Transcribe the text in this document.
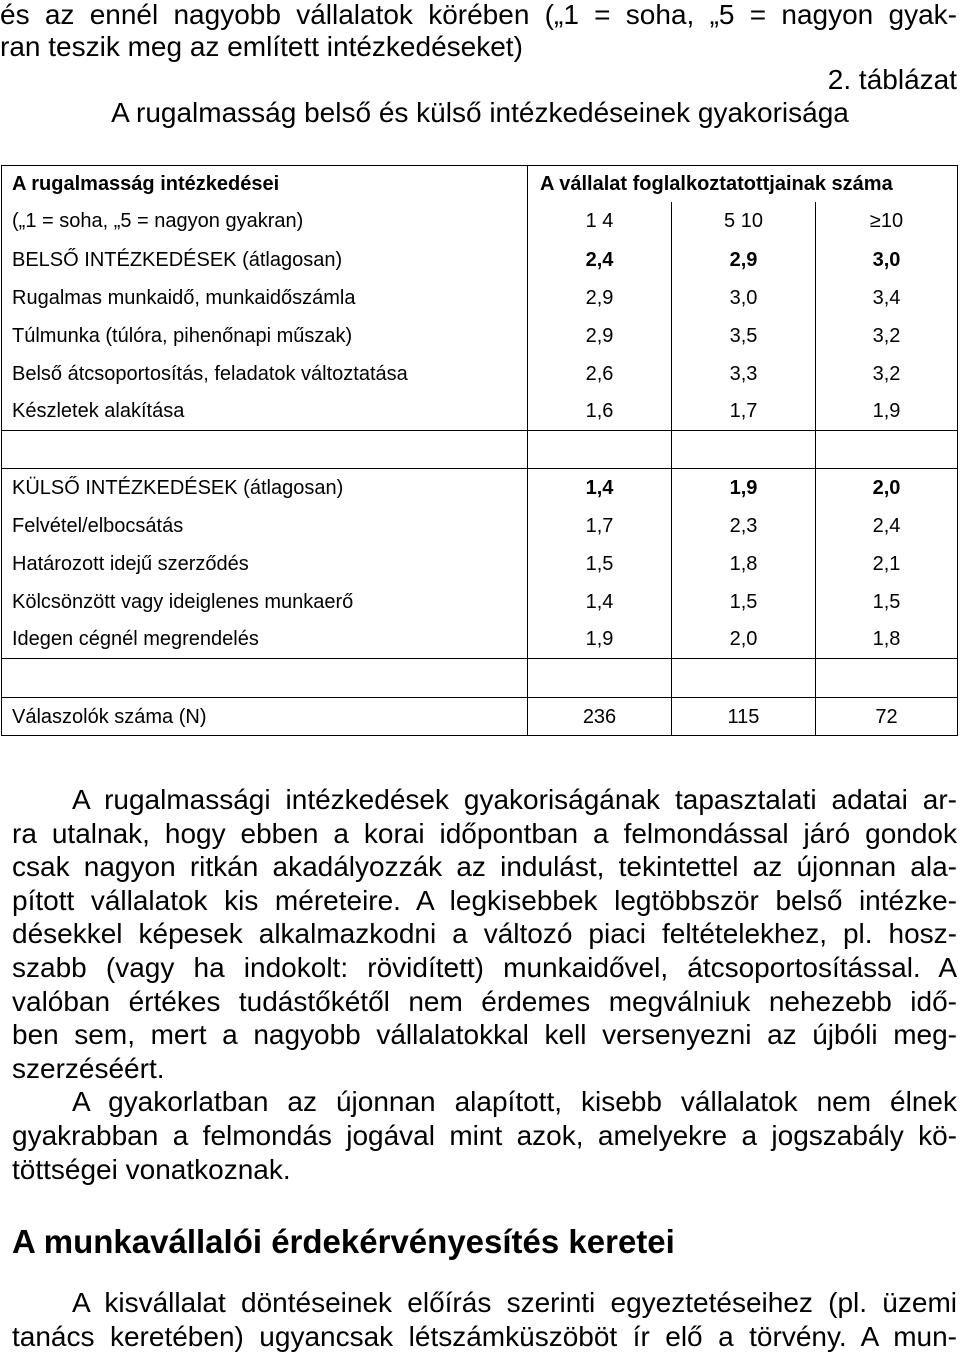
és az ennél nagyobb vállalatok körében („1 = soha, „5 = nagyon gyak-
ran teszik meg az említett intézkedéseket)
2. táblázat
A rugalmasság belső és külső intézkedéseinek gyakorisága
A rugalmasság intézkedései	A vállalat foglalkoztatottjainak száma		
(„1 = soha, „5 = nagyon gyakran)	1 4	5 10	≥10
BELSŐ INTÉZKEDÉSEK (átlagosan)	2,4	2,9	3,0
Rugalmas munkaidő, munkaidőszámla	2,9	3,0	3,4
Túlmunka (túlóra, pihenőnapi műszak)	2,9	3,5	3,2
Belső átcsoportosítás, feladatok változtatása	2,6	3,3	3,2
Készletek alakítása	1,6	1,7	1,9

KÜLSŐ INTÉZKEDÉSEK (átlagosan)	1,4	1,9	2,0
Felvétel/elbocsátás	1,7	2,3	2,4
Határozott idejű szerződés	1,5	1,8	2,1
Kölcsönzött vagy ideiglenes munkaerő	1,4	1,5	1,5
Idegen cégnél megrendelés	1,9	2,0	1,8

Válaszolók száma (N)	236	115	72
A rugalmassági intézkedések gyakoriságának tapasztalati adatai ar-
ra utalnak, hogy ebben a korai időpontban a felmondással járó gondok
csak nagyon ritkán akadályozzák az indulást, tekintettel az újonnan ala-
pított vállalatok kis méreteire. A legkisebbek legtöbbször belső intézke-
désekkel képesek alkalmazkodni a változó piaci feltételekhez, pl. hosz-
szabb (vagy ha indokolt: rövidített) munkaidővel, átcsoportosítással. A
valóban értékes tudástőkétől nem érdemes megválniuk nehezebb idő-
ben sem, mert a nagyobb vállalatokkal kell versenyezni az újbóli meg-
szerzéséért.
A gyakorlatban az újonnan alapított, kisebb vállalatok nem élnek
gyakrabban a felmondás jogával mint azok, amelyekre a jogszabály kö-
töttségei vonatkoznak.
A munkavállalói érdekérvényesítés keretei
A kisvállalat döntéseinek előírás szerinti egyeztetéseihez (pl. üzemi
tanács keretében) ugyancsak létszámküszöböt ír elő a törvény. A mun-
